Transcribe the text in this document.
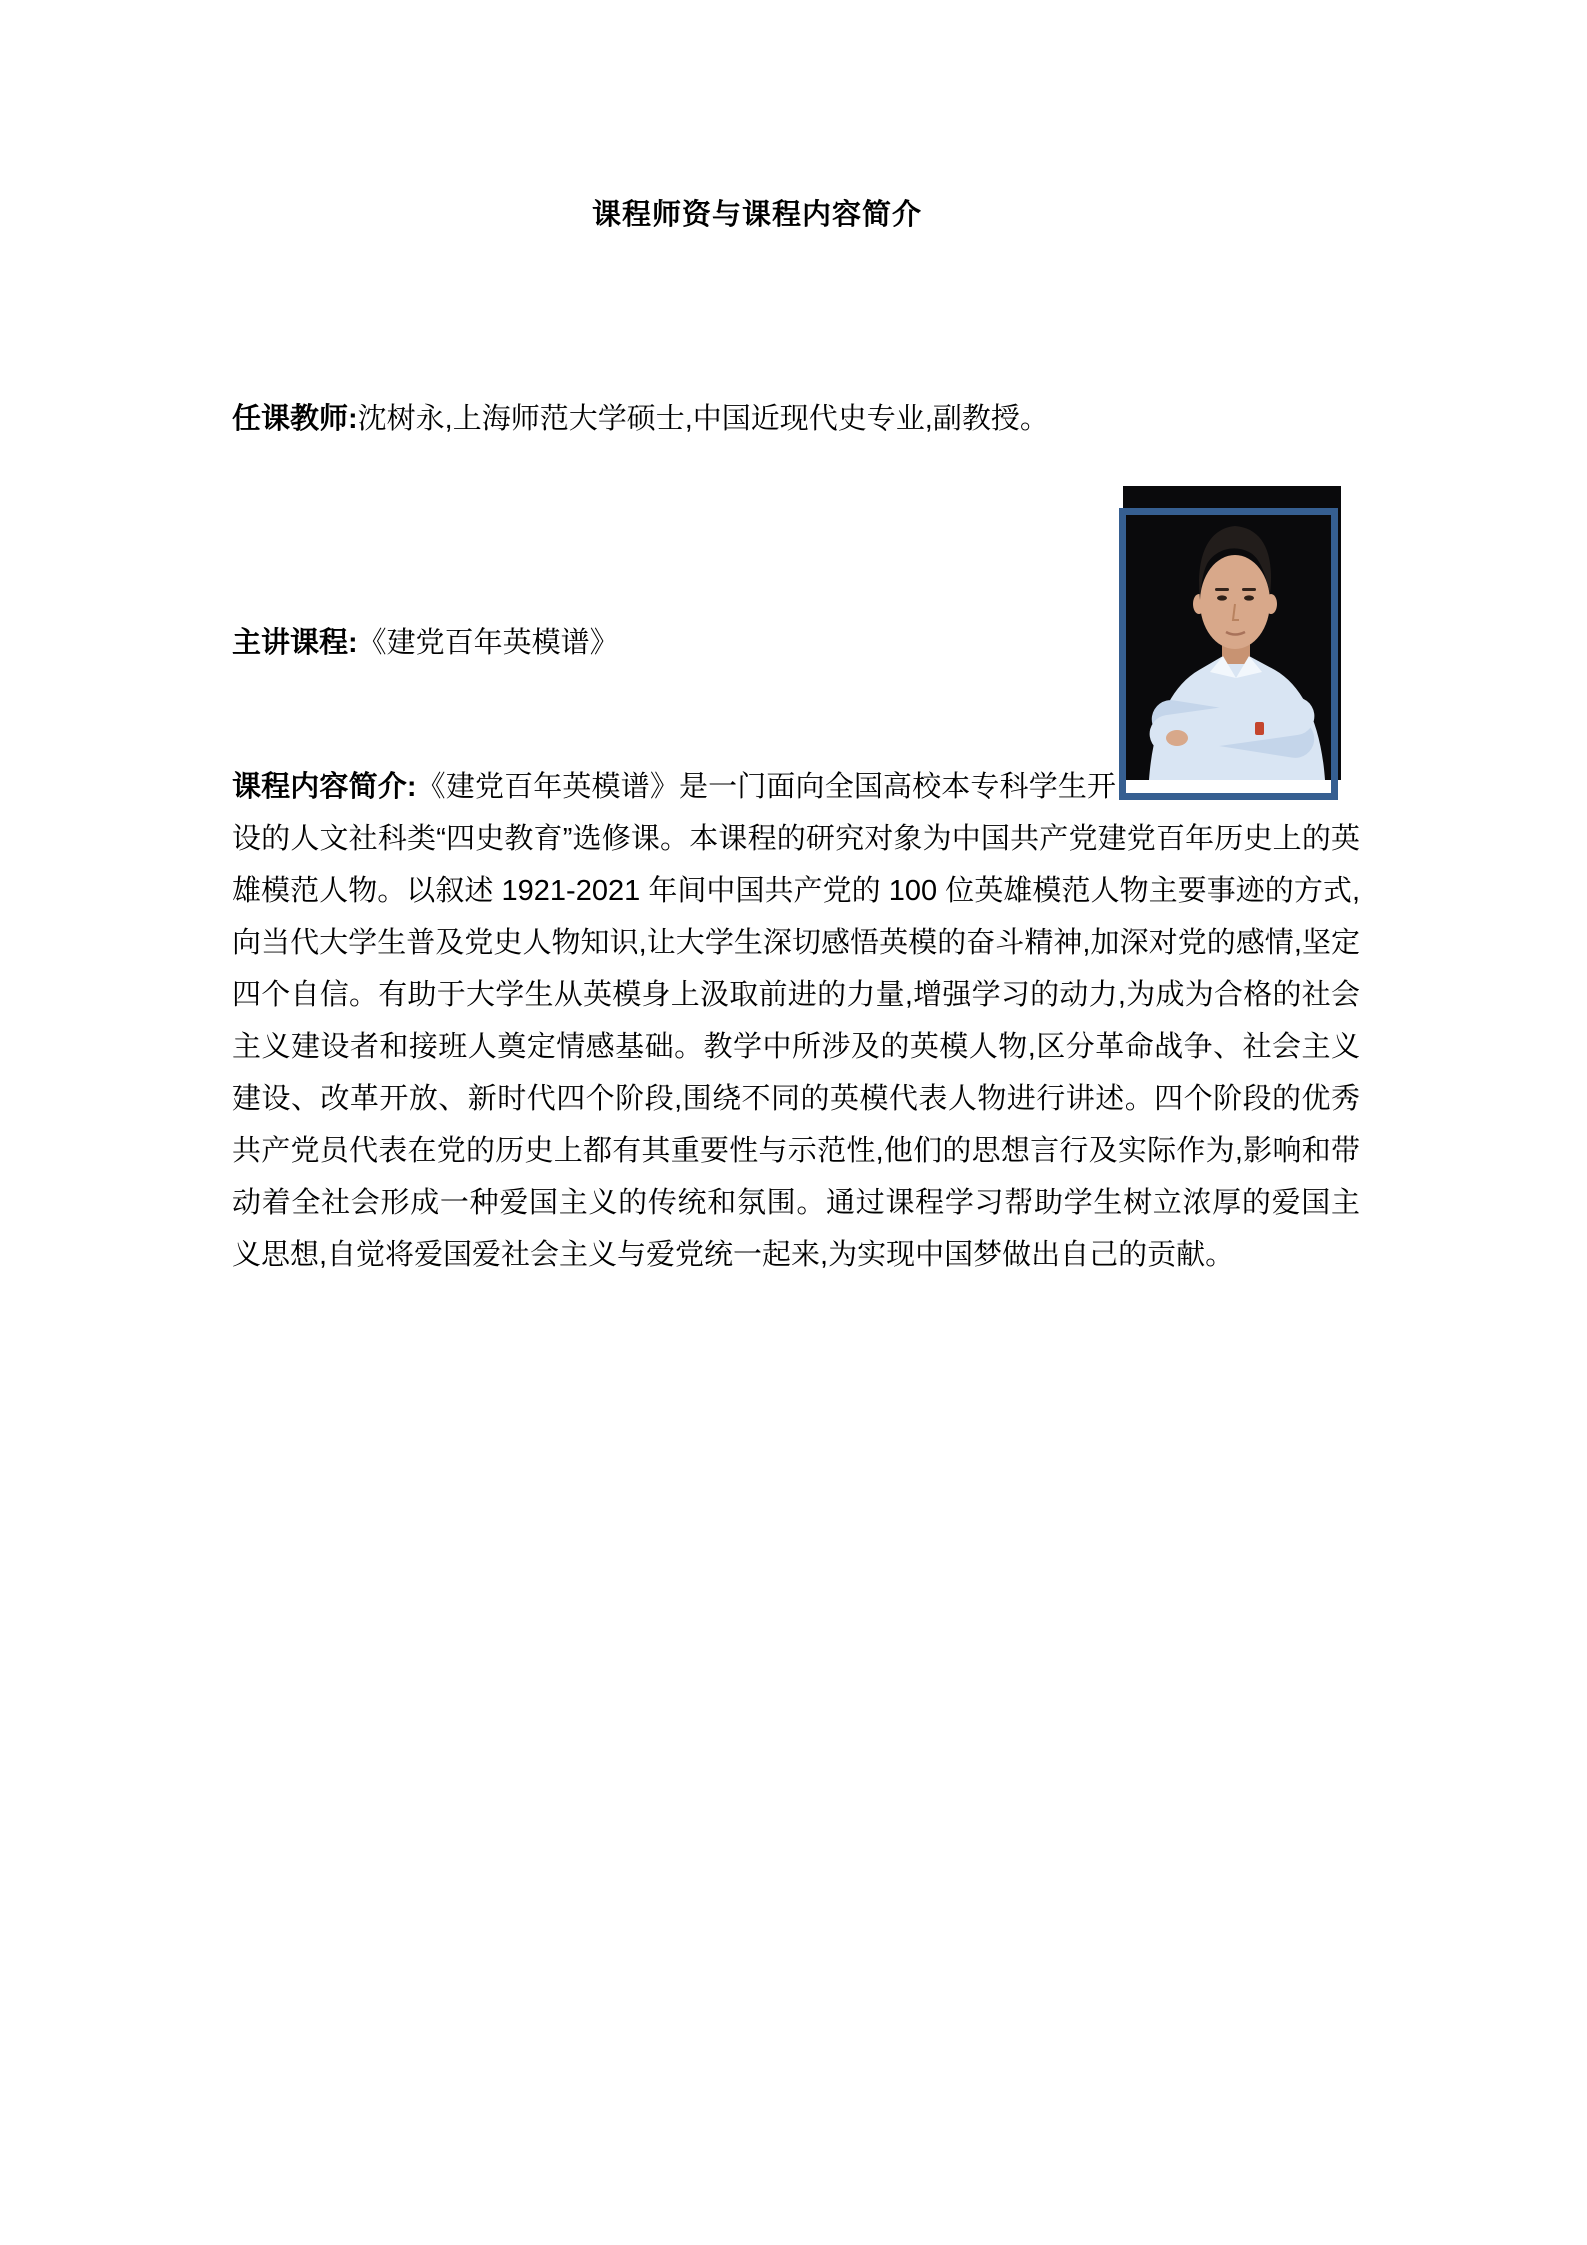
课程师资与课程内容简介

任课教师:沈树永,上海师范大学硕士,中国近现代史专业,副教授。

主讲课程:《建党百年英模谱》

课程内容简介:《建党百年英模谱》是一门面向全国高校本专科学生开设的人文社科类“四史教育”选修课。本课程的研究对象为中国共产党建党百年历史上的英雄模范人物。以叙述 1921-2021 年间中国共产党的 100 位英雄模范人物主要事迹的方式,向当代大学生普及党史人物知识,让大学生深切感悟英模的奋斗精神,加深对党的感情,坚定四个自信。有助于大学生从英模身上汲取前进的力量,增强学习的动力,为成为合格的社会主义建设者和接班人奠定情感基础。教学中所涉及的英模人物,区分革命战争、社会主义建设、改革开放、新时代四个阶段,围绕不同的英模代表人物进行讲述。四个阶段的优秀共产党员代表在党的历史上都有其重要性与示范性,他们的思想言行及实际作为,影响和带动着全社会形成一种爱国主义的传统和氛围。通过课程学习帮助学生树立浓厚的爱国主义思想,自觉将爱国爱社会主义与爱党统一起来,为实现中国梦做出自己的贡献。
